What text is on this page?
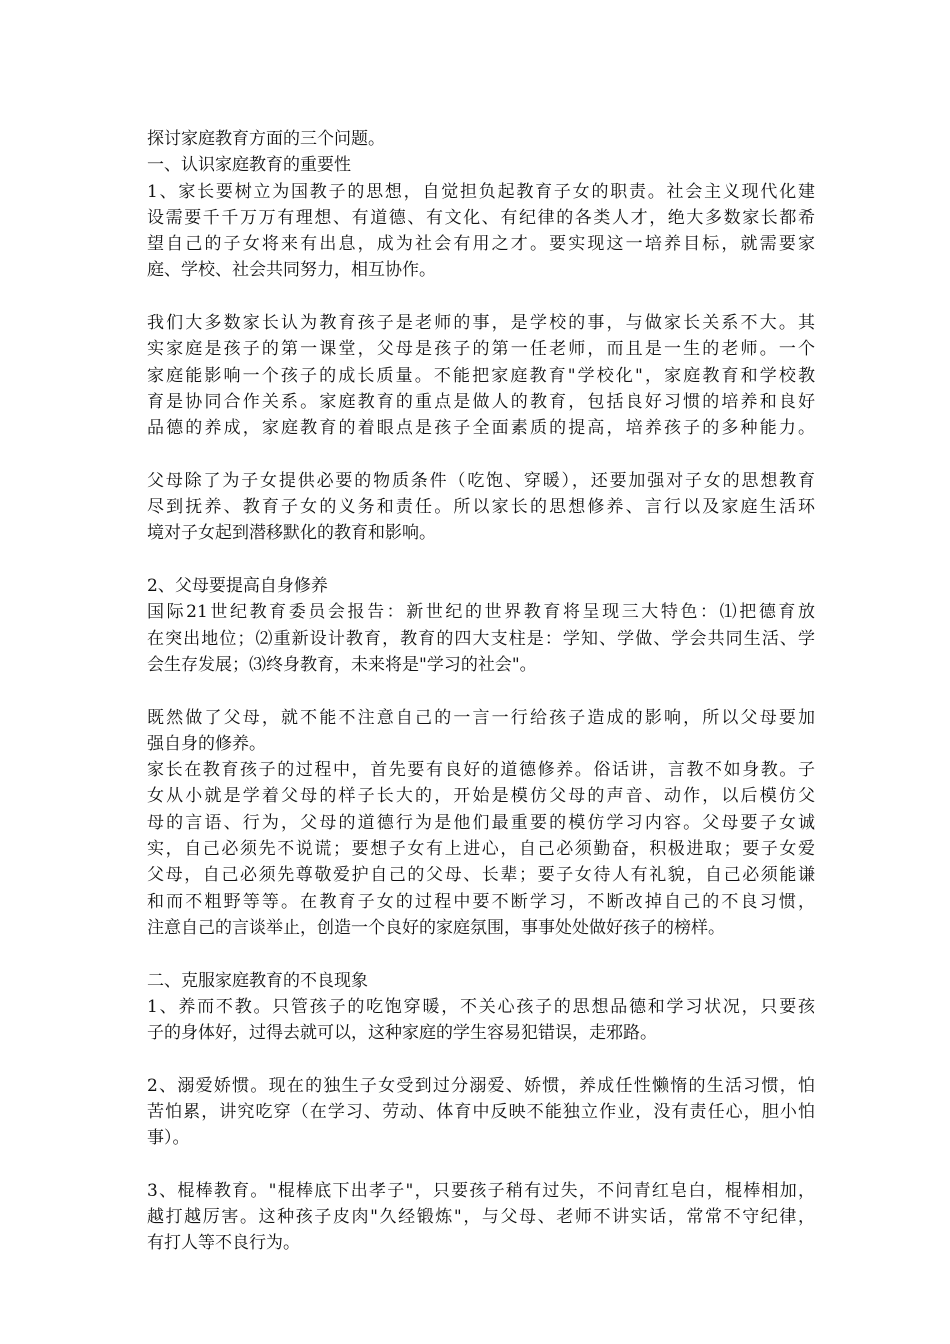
探讨家庭教育方面的三个问题。
一、认识家庭教育的重要性
1、家长要树立为国教子的思想，自觉担负起教育子女的职责。社会主义现代化建
设需要千千万万有理想、有道德、有文化、有纪律的各类人才，绝大多数家长都希
望自己的子女将来有出息，成为社会有用之才。要实现这一培养目标，就需要家
庭、学校、社会共同努力，相互协作。
我们大多数家长认为教育孩子是老师的事，是学校的事，与做家长关系不大。其
实家庭是孩子的第一课堂，父母是孩子的第一任老师，而且是一生的老师。一个
家庭能影响一个孩子的成长质量。不能把家庭教育"学校化"，家庭教育和学校教
育是协同合作关系。家庭教育的重点是做人的教育，包括良好习惯的培养和良好
品德的养成，家庭教育的着眼点是孩子全面素质的提高，培养孩子的多种能力。
父母除了为子女提供必要的物质条件（吃饱、穿暖），还要加强对子女的思想教育
尽到抚养、教育子女的义务和责任。所以家长的思想修养、言行以及家庭生活环
境对子女起到潜移默化的教育和影响。
2、父母要提高自身修养
国际21世纪教育委员会报告：新世纪的世界教育将呈现三大特色：⑴把德育放
在突出地位；⑵重新设计教育，教育的四大支柱是：学知、学做、学会共同生活、学
会生存发展；⑶终身教育，未来将是"学习的社会"。
既然做了父母，就不能不注意自己的一言一行给孩子造成的影响，所以父母要加
强自身的修养。
家长在教育孩子的过程中，首先要有良好的道德修养。俗话讲，言教不如身教。子
女从小就是学着父母的样子长大的，开始是模仿父母的声音、动作，以后模仿父
母的言语、行为，父母的道德行为是他们最重要的模仿学习内容。父母要子女诚
实，自己必须先不说谎；要想子女有上进心，自己必须勤奋，积极进取；要子女爱
父母，自己必须先尊敬爱护自己的父母、长辈；要子女待人有礼貌，自己必须能谦
和而不粗野等等。在教育子女的过程中要不断学习，不断改掉自己的不良习惯，
注意自己的言谈举止，创造一个良好的家庭氛围，事事处处做好孩子的榜样。
二、克服家庭教育的不良现象
1、养而不教。只管孩子的吃饱穿暖，不关心孩子的思想品德和学习状况，只要孩
子的身体好，过得去就可以，这种家庭的学生容易犯错误，走邪路。
2、溺爱娇惯。现在的独生子女受到过分溺爱、娇惯，养成任性懒惰的生活习惯，怕
苦怕累，讲究吃穿（在学习、劳动、体育中反映不能独立作业，没有责任心，胆小怕
事）。
3、棍棒教育。"棍棒底下出孝子"，只要孩子稍有过失，不问青红皂白，棍棒相加，
越打越厉害。这种孩子皮肉"久经锻炼"，与父母、老师不讲实话，常常不守纪律，
有打人等不良行为。
